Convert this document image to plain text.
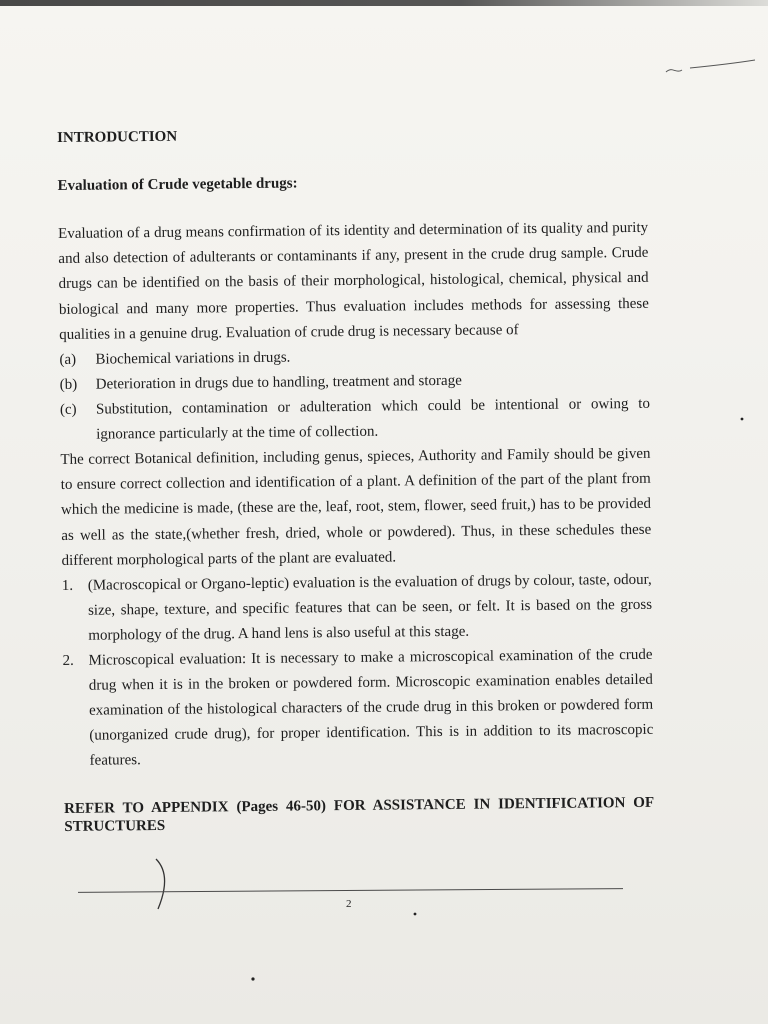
INTRODUCTION
Evaluation of Crude vegetable drugs:

Evaluation of a drug means confirmation of its identity and determination of its quality and purity and also detection of adulterants or contaminants if any, present in the crude drug sample. Crude drugs can be identified on the basis of their morphological, histological, chemical, physical and biological and many more properties. Thus evaluation includes methods for assessing these qualities in a genuine drug. Evaluation of crude drug is necessary because of

(a) Biochemical variations in drugs.
(b) Deterioration in drugs due to handling, treatment and storage
(c) Substitution, contamination or adulteration which could be intentional or owing to ignorance particularly at the time of collection.

The correct Botanical definition, including genus, spieces, Authority and Family should be given to ensure correct collection and identification of a plant. A definition of the part of the plant from which the medicine is made, (these are the, leaf, root, stem, flower, seed fruit,) has to be provided as well as the state,(whether fresh, dried, whole or powdered). Thus, in these schedules these different morphological parts of the plant are evaluated.

1. (Macroscopical or Organo-leptic) evaluation is the evaluation of drugs by colour, taste, odour, size, shape, texture, and specific features that can be seen, or felt. It is based on the gross morphology of the drug. A hand lens is also useful at this stage.
2. Microscopical evaluation: It is necessary to make a microscopical examination of the crude drug when it is in the broken or powdered form. Microscopic examination enables detailed examination of the histological characters of the crude drug in this broken or powdered form (unorganized crude drug), for proper identification. This is in addition to its macroscopic features.

REFER TO APPENDIX (Pages 46-50) FOR ASSISTANCE IN IDENTIFICATION OF STRUCTURES

2
